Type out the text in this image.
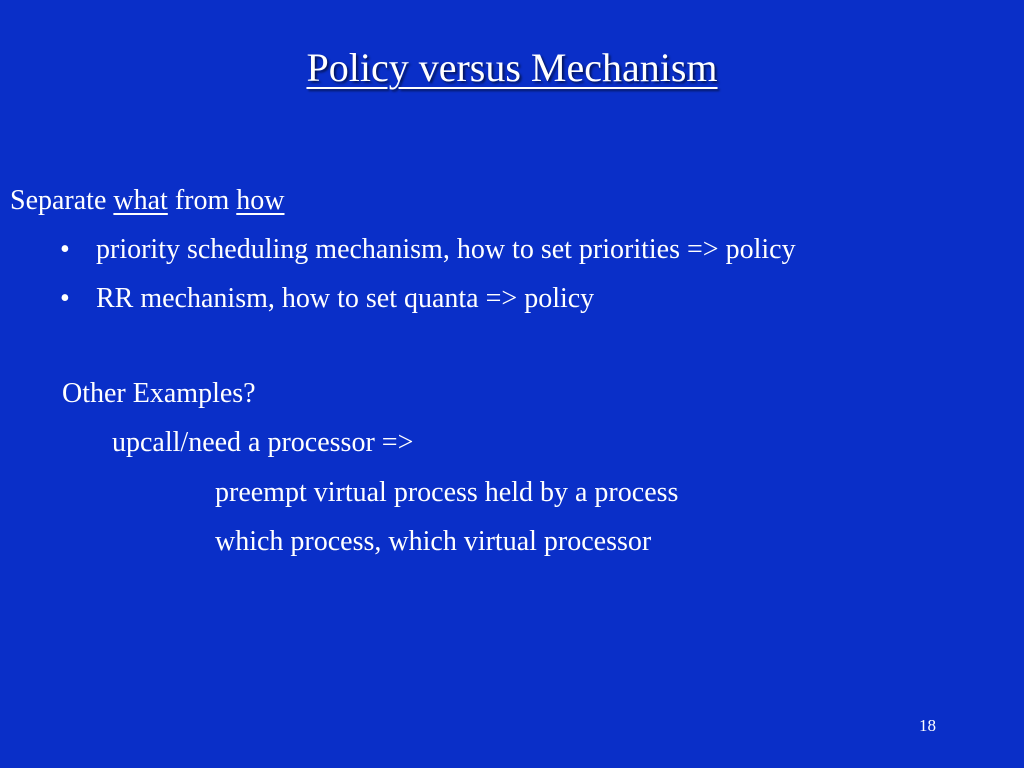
Policy versus Mechanism
Separate what from how
• priority scheduling mechanism, how to set priorities => policy
• RR mechanism, how to set quanta => policy
Other Examples?
upcall/need a processor =>
preempt virtual process held by a process
which process, which virtual processor
18
